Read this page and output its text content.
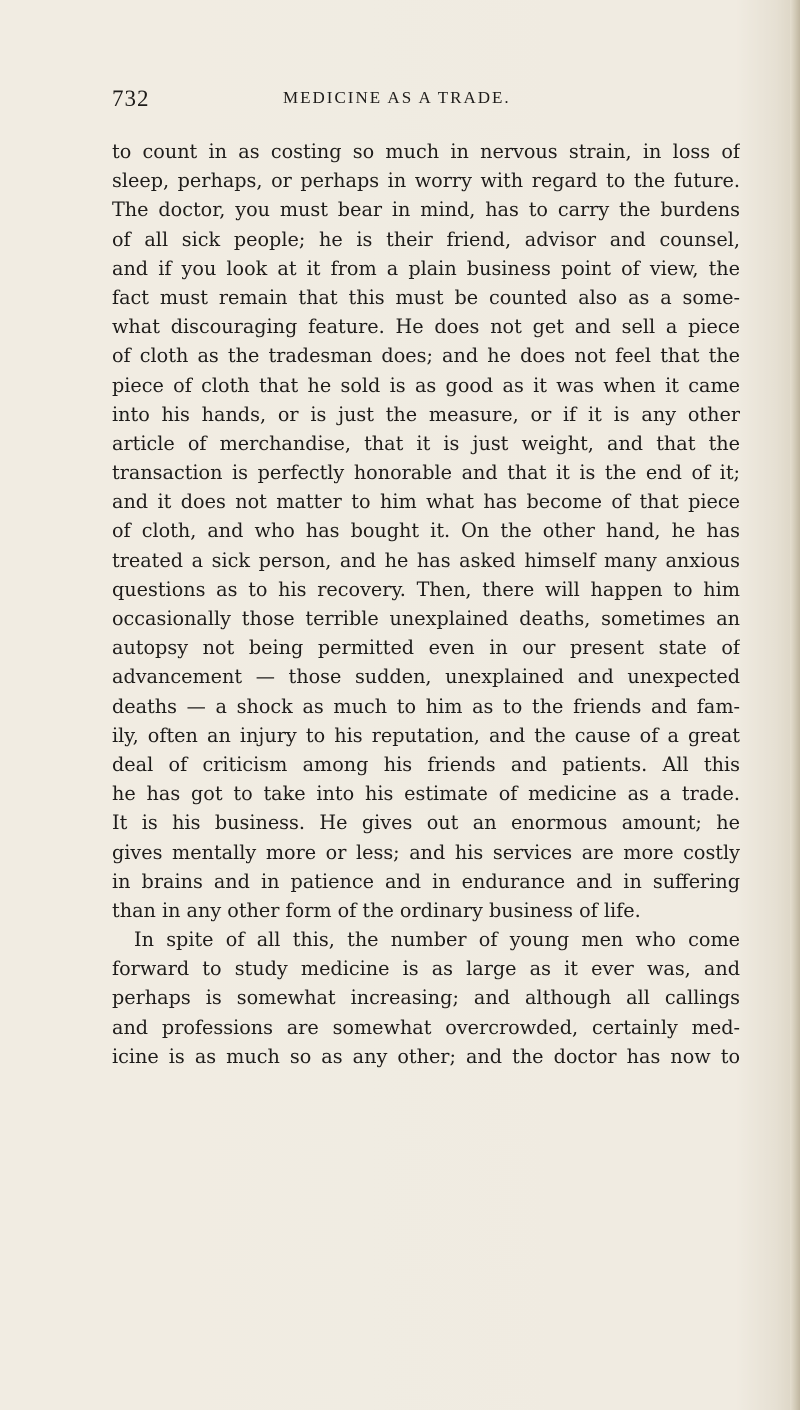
732	MEDICINE AS A TRADE.
to count in as costing so much in nervous strain, in loss of
sleep, perhaps, or perhaps in worry with regard to the future.
The doctor, you must bear in mind, has to carry the burdens
of all sick people; he is their friend, advisor and counsel,
and if you look at it from a plain business point of view, the
fact must remain that this must be counted also as a some-
what discouraging feature. He does not get and sell a piece
of cloth as the tradesman does; and he does not feel that the
piece of cloth that he sold is as good as it was when it came
into his hands, or is just the measure, or if it is any other
article of merchandise, that it is just weight, and that the
transaction is perfectly honorable and that it is the end of it;
and it does not matter to him what has become of that piece
of cloth, and who has bought it. On the other hand, he has
treated a sick person, and he has asked himself many anxious
questions as to his recovery. Then, there will happen to him
occasionally those terrible unexplained deaths, sometimes an
autopsy not being permitted even in our present state of
advancement — those sudden, unexplained and unexpected
deaths — a shock as much to him as to the friends and fam-
ily, often an injury to his reputation, and the cause of a great
deal of criticism among his friends and patients. All this
he has got to take into his estimate of medicine as a trade.
It is his business. He gives out an enormous amount; he
gives mentally more or less; and his services are more costly
in brains and in patience and in endurance and in suffering
than in any other form of the ordinary business of life.
In spite of all this, the number of young men who come
forward to study medicine is as large as it ever was, and
perhaps is somewhat increasing; and although all callings
and professions are somewhat overcrowded, certainly med-
icine is as much so as any other; and the doctor has now to
